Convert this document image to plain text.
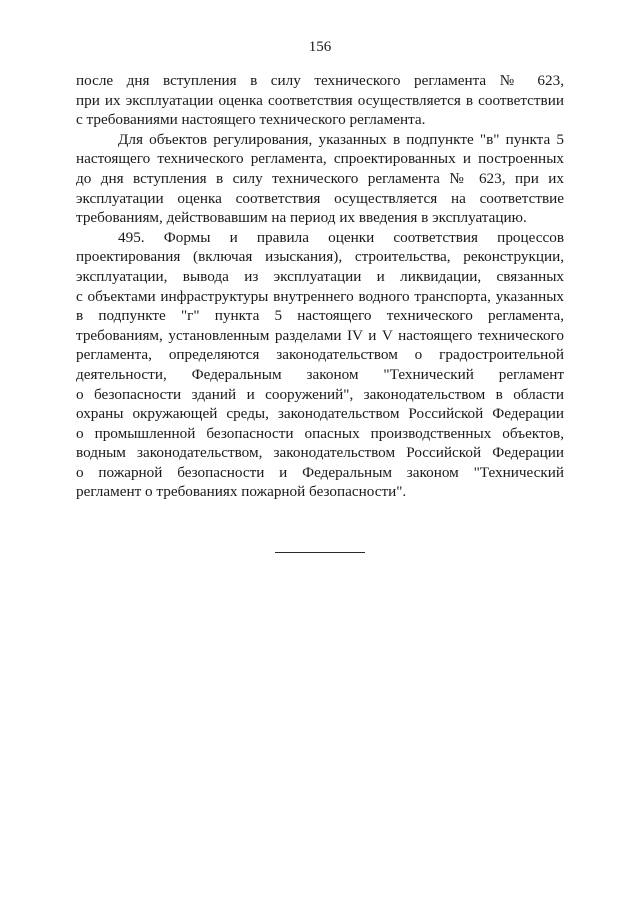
156
после дня вступления в силу технического регламента № 623,
при их эксплуатации оценка соответствия осуществляется в соответствии
с требованиями настоящего технического регламента.
Для объектов регулирования, указанных в подпункте "в" пункта 5
настоящего технического регламента, спроектированных и построенных
до дня вступления в силу технического регламента № 623, при их
эксплуатации оценка соответствия осуществляется на соответствие
требованиям, действовавшим на период их введения в эксплуатацию.
495. Формы и правила оценки соответствия процессов
проектирования (включая изыскания), строительства, реконструкции,
эксплуатации, вывода из эксплуатации и ликвидации, связанных
с объектами инфраструктуры внутреннего водного транспорта, указанных
в подпункте "г" пункта 5 настоящего технического регламента,
требованиям, установленным разделами IV и V настоящего технического
регламента, определяются законодательством о градостроительной
деятельности, Федеральным законом "Технический регламент
о безопасности зданий и сооружений", законодательством в области
охраны окружающей среды, законодательством Российской Федерации
о промышленной безопасности опасных производственных объектов,
водным законодательством, законодательством Российской Федерации
о пожарной безопасности и Федеральным законом "Технический
регламент о требованиях пожарной безопасности".
